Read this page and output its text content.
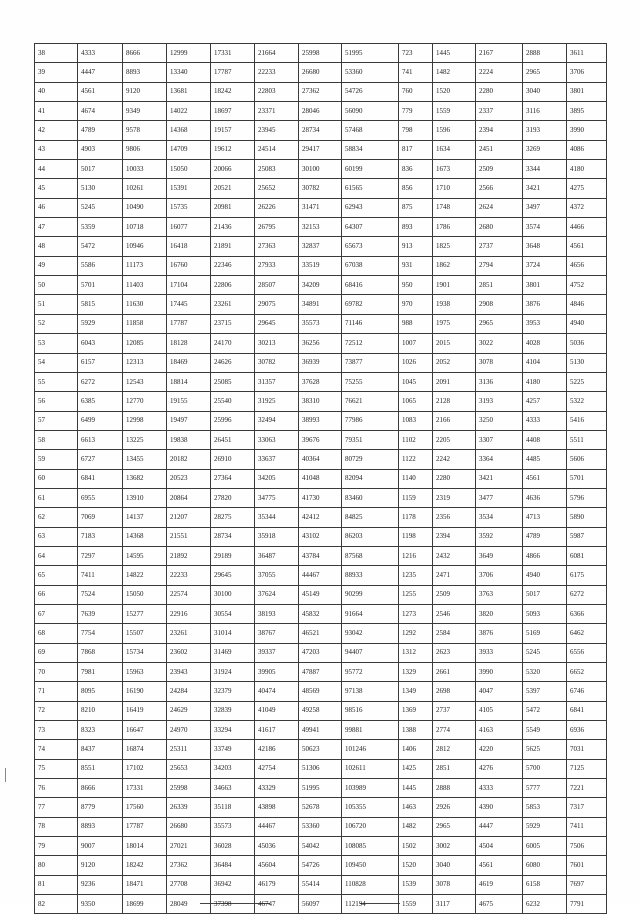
38	4333	8666	12999	17331	21664	25998	51995	723	1445	2167	2888	3611
39	4447	8893	13340	17787	22233	26680	53360	741	1482	2224	2965	3706
40	4561	9120	13681	18242	22803	27362	54726	760	1520	2280	3040	3801
41	4674	9349	14022	18697	23371	28046	56090	779	1559	2337	3116	3895
42	4789	9578	14368	19157	23945	28734	57468	798	1596	2394	3193	3990
43	4903	9806	14709	19612	24514	29417	58834	817	1634	2451	3269	4086
44	5017	10033	15050	20066	25083	30100	60199	836	1673	2509	3344	4180
45	5130	10261	15391	20521	25652	30782	61565	856	1710	2566	3421	4275
46	5245	10490	15735	20981	26226	31471	62943	875	1748	2624	3497	4372
47	5359	10718	16077	21436	26795	32153	64307	893	1786	2680	3574	4466
48	5472	10946	16418	21891	27363	32837	65673	913	1825	2737	3648	4561
49	5586	11173	16760	22346	27933	33519	67038	931	1862	2794	3724	4656
50	5701	11403	17104	22806	28507	34209	68416	950	1901	2851	3801	4752
51	5815	11630	17445	23261	29075	34891	69782	970	1938	2908	3876	4846
52	5929	11858	17787	23715	29645	35573	71146	988	1975	2965	3953	4940
53	6043	12085	18128	24170	30213	36256	72512	1007	2015	3022	4028	5036
54	6157	12313	18469	24626	30782	36939	73877	1026	2052	3078	4104	5130
55	6272	12543	18814	25085	31357	37628	75255	1045	2091	3136	4180	5225
56	6385	12770	19155	25540	31925	38310	76621	1065	2128	3193	4257	5322
57	6499	12998	19497	25996	32494	38993	77986	1083	2166	3250	4333	5416
58	6613	13225	19838	26451	33063	39676	79351	1102	2205	3307	4408	5511
59	6727	13455	20182	26910	33637	40364	80729	1122	2242	3364	4485	5606
60	6841	13682	20523	27364	34205	41048	82094	1140	2280	3421	4561	5701
61	6955	13910	20864	27820	34775	41730	83460	1159	2319	3477	4636	5796
62	7069	14137	21207	28275	35344	42412	84825	1178	2356	3534	4713	5890
63	7183	14368	21551	28734	35918	43102	86203	1198	2394	3592	4789	5987
64	7297	14595	21892	29189	36487	43784	87568	1216	2432	3649	4866	6081
65	7411	14822	22233	29645	37055	44467	88933	1235	2471	3706	4940	6175
66	7524	15050	22574	30100	37624	45149	90299	1255	2509	3763	5017	6272
67	7639	15277	22916	30554	38193	45832	91664	1273	2546	3820	5093	6366
68	7754	15507	23261	31014	38767	46521	93042	1292	2584	3876	5169	6462
69	7868	15734	23602	31469	39337	47203	94407	1312	2623	3933	5245	6556
70	7981	15963	23943	31924	39905	47887	95772	1329	2661	3990	5320	6652
71	8095	16190	24284	32379	40474	48569	97138	1349	2698	4047	5397	6746
72	8210	16419	24629	32839	41049	49258	98516	1369	2737	4105	5472	6841
73	8323	16647	24970	33294	41617	49941	99881	1388	2774	4163	5549	6936
74	8437	16874	25311	33749	42186	50623	101246	1406	2812	4220	5625	7031
75	8551	17102	25653	34203	42754	51306	102611	1425	2851	4276	5700	7125
76	8666	17331	25998	34663	43329	51995	103989	1445	2888	4333	5777	7221
77	8779	17560	26339	35118	43898	52678	105355	1463	2926	4390	5853	7317
78	8893	17787	26680	35573	44467	53360	106720	1482	2965	4447	5929	7411
79	9007	18014	27021	36028	45036	54042	108085	1502	3002	4504	6005	7506
80	9120	18242	27362	36484	45604	54726	109450	1520	3040	4561	6080	7601
81	9236	18471	27708	36942	46179	55414	110828	1539	3078	4619	6158	7697
82	9350	18699	28049	37398	46747	56097	112194	1559	3117	4675	6232	7791
